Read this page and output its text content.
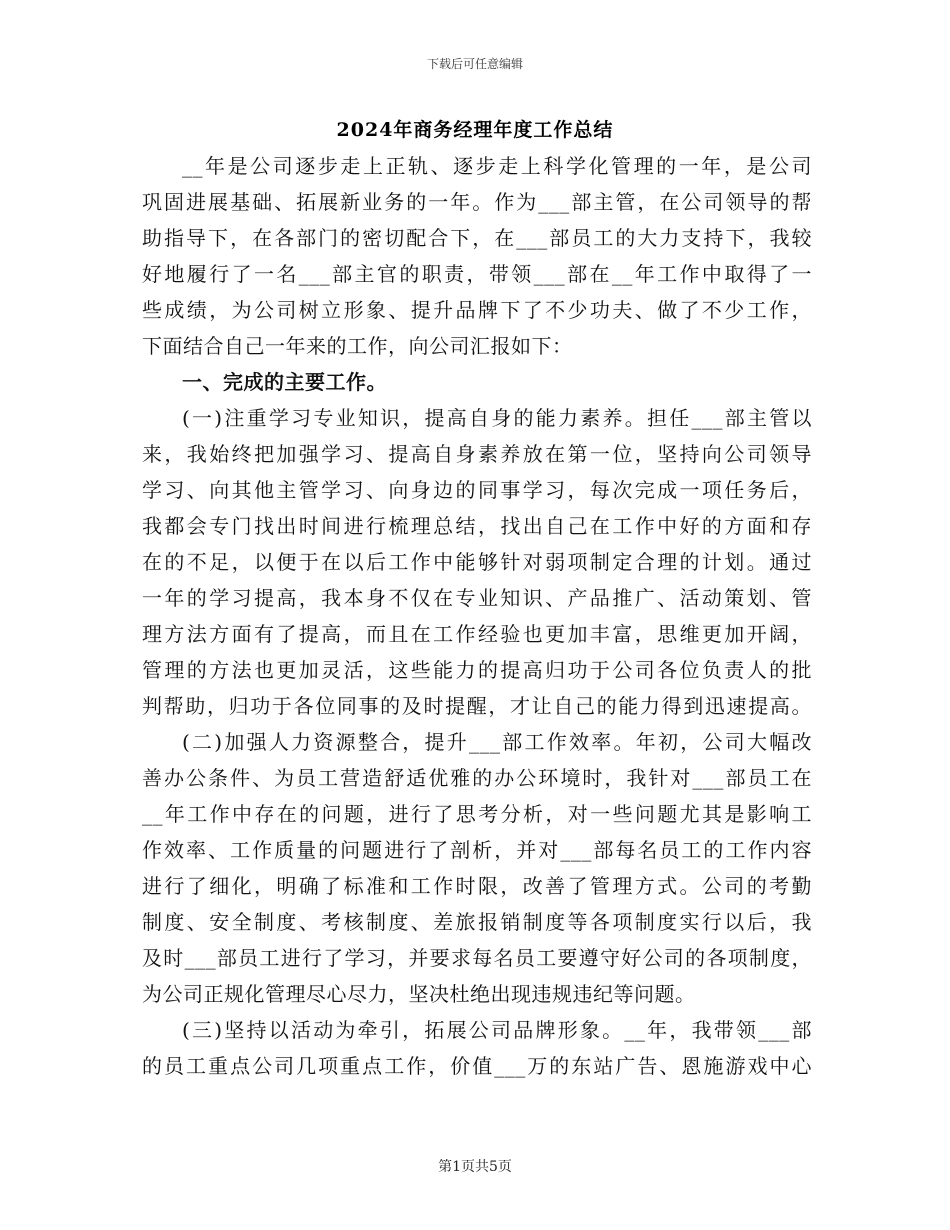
下载后可任意编辑
2024年商务经理年度工作总结
__年是公司逐步走上正轨、逐步走上科学化管理的一年，是公司
巩固进展基础、拓展新业务的一年。作为___部主管，在公司领导的帮
助指导下，在各部门的密切配合下，在___部员工的大力支持下，我较
好地履行了一名___部主官的职责，带领___部在__年工作中取得了一
些成绩，为公司树立形象、提升品牌下了不少功夫、做了不少工作，
下面结合自己一年来的工作，向公司汇报如下：
一、完成的主要工作。
(一)注重学习专业知识，提高自身的能力素养。担任___部主管以
来，我始终把加强学习、提高自身素养放在第一位，坚持向公司领导
学习、向其他主管学习、向身边的同事学习，每次完成一项任务后，
我都会专门找出时间进行梳理总结，找出自己在工作中好的方面和存
在的不足，以便于在以后工作中能够针对弱项制定合理的计划。通过
一年的学习提高，我本身不仅在专业知识、产品推广、活动策划、管
理方法方面有了提高，而且在工作经验也更加丰富，思维更加开阔，
管理的方法也更加灵活，这些能力的提高归功于公司各位负责人的批
判帮助，归功于各位同事的及时提醒，才让自己的能力得到迅速提高。
(二)加强人力资源整合，提升___部工作效率。年初，公司大幅改
善办公条件、为员工营造舒适优雅的办公环境时，我针对___部员工在
__年工作中存在的问题，进行了思考分析，对一些问题尤其是影响工
作效率、工作质量的问题进行了剖析，并对___部每名员工的工作内容
进行了细化，明确了标准和工作时限，改善了管理方式。公司的考勤
制度、安全制度、考核制度、差旅报销制度等各项制度实行以后，我
及时___部员工进行了学习，并要求每名员工要遵守好公司的各项制度，
为公司正规化管理尽心尽力，坚决杜绝出现违规违纪等问题。
(三)坚持以活动为牵引，拓展公司品牌形象。__年，我带领___部
的员工重点公司几项重点工作，价值___万的东站广告、恩施游戏中心
第1页共5页
